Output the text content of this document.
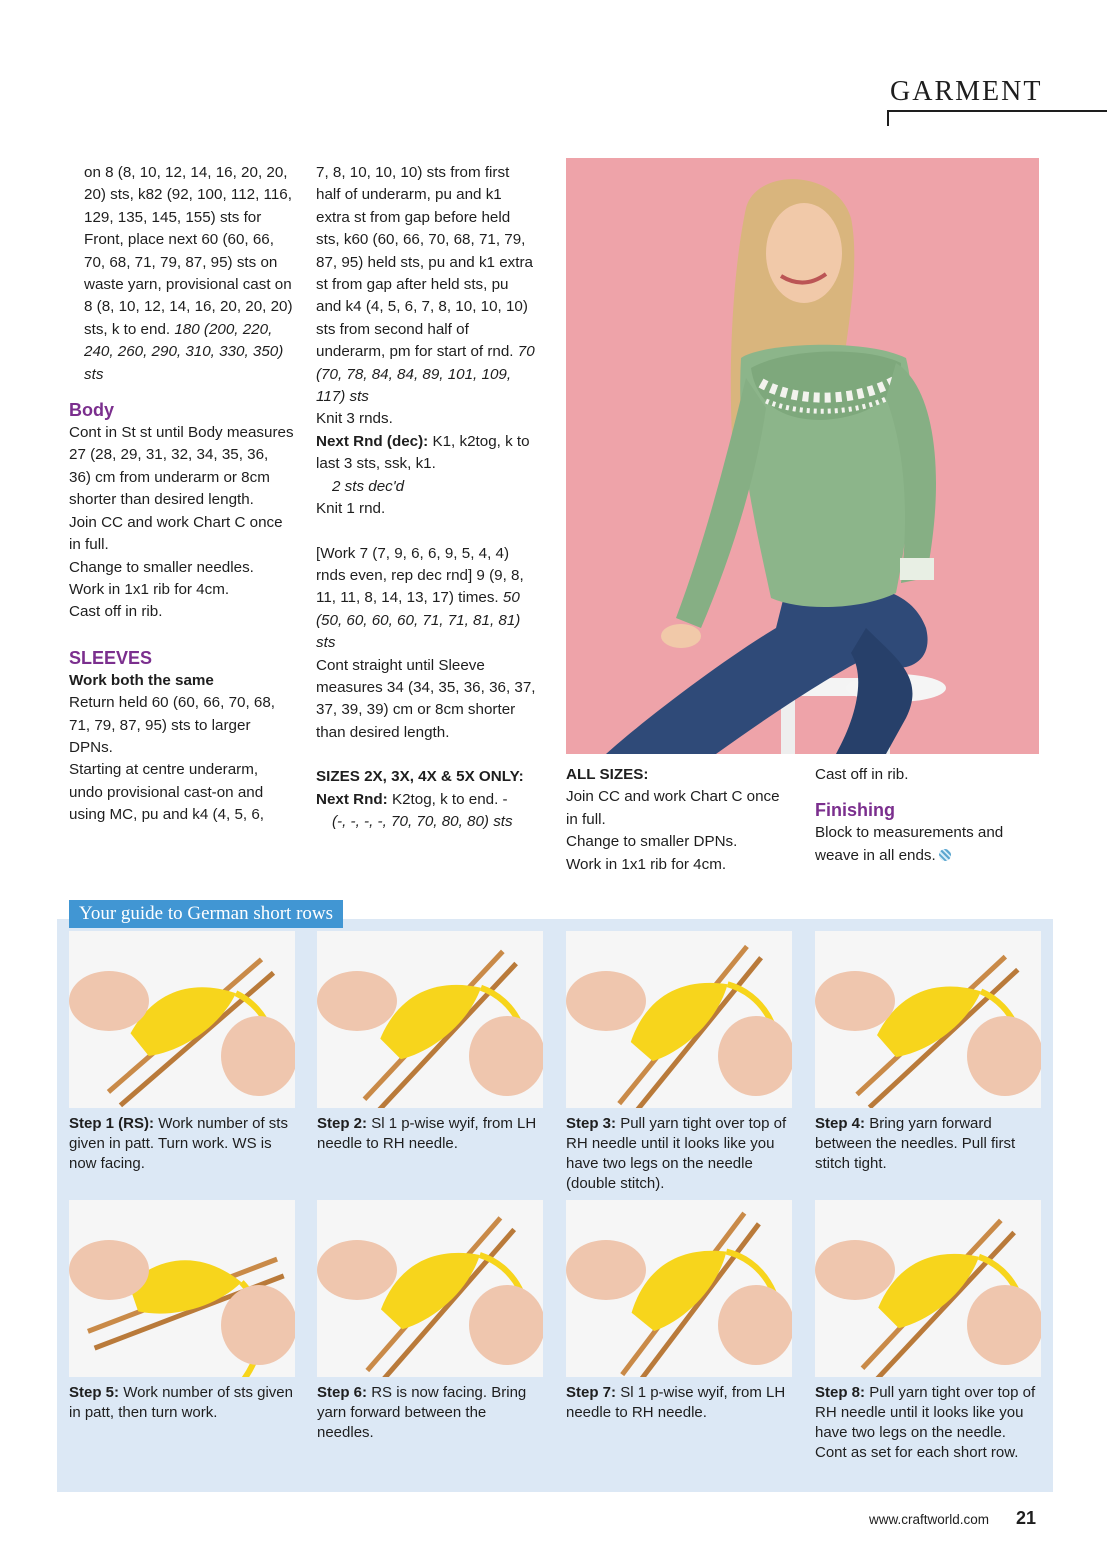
GARMENT

on 8 (8, 10, 12, 14, 16, 20, 20, 20) sts, k82 (92, 100, 112, 116, 129, 135, 145, 155) sts for Front, place next 60 (60, 66, 70, 68, 71, 79, 87, 95) sts on waste yarn, provisional cast on 8 (8, 10, 12, 14, 16, 20, 20, 20) sts, k to end. 180 (200, 220, 240, 260, 290, 310, 330, 350) sts

Body

Cont in St st until Body measures 27 (28, 29, 31, 32, 34, 35, 36, 36) cm from underarm or 8cm shorter than desired length.

Join CC and work Chart C once in full.

Change to smaller needles.

Work in 1x1 rib for 4cm.

Cast off in rib.

SLEEVES

Work both the same

Return held 60 (60, 66, 70, 68, 71, 79, 87, 95) sts to larger DPNs.

Starting at centre underarm, undo provisional cast-on and using MC, pu and k4 (4, 5, 6,

7, 8, 10, 10, 10) sts from first half of underarm, pu and k1 extra st from gap before held sts, k60 (60, 66, 70, 68, 71, 79, 87, 95) held sts, pu and k1 extra st from gap after held sts, pu and k4 (4, 5, 6, 7, 8, 10, 10, 10) sts from second half of underarm, pm for start of rnd. 70 (70, 78, 84, 84, 89, 101, 109, 117) sts

Knit 3 rnds.

Next Rnd (dec): K1, k2tog, k to last 3 sts, ssk, k1.

2 sts dec'd

Knit 1 rnd.

[Work 7 (7, 9, 6, 6, 9, 5, 4, 4) rnds even, rep dec rnd] 9 (9, 8, 11, 11, 8, 14, 13, 17) times. 50 (50, 60, 60, 60, 71, 71, 81, 81) sts

Cont straight until Sleeve measures 34 (34, 35, 36, 36, 37, 37, 39, 39) cm or 8cm shorter than desired length.

SIZES 2X, 3X, 4X & 5X ONLY:

Next Rnd: K2tog, k to end. -

(-, -, -, -, 70, 70, 80, 80) sts

ALL SIZES:

Join CC and work Chart C once in full.

Change to smaller DPNs.

Work in 1x1 rib for 4cm.

Cast off in rib.

Finishing

Block to measurements and weave in all ends.

Your guide to German short rows
Step 1 (RS): Work number of sts given in patt. Turn work. WS is now facing.
Step 2: Sl 1 p-wise wyif, from LH needle to RH needle.
Step 3: Pull yarn tight over top of RH needle until it looks like you have two legs on the needle (double stitch).
Step 4: Bring yarn forward between the needles. Pull first stitch tight.
Step 5: Work number of sts given in patt, then turn work.
Step 6: RS is now facing. Bring yarn forward between the needles.
Step 7: Sl 1 p-wise wyif, from LH needle to RH needle.
Step 8: Pull yarn tight over top of RH needle until it looks like you have two legs on the needle. Cont as set for each short row.
www.craftworld.com 21
